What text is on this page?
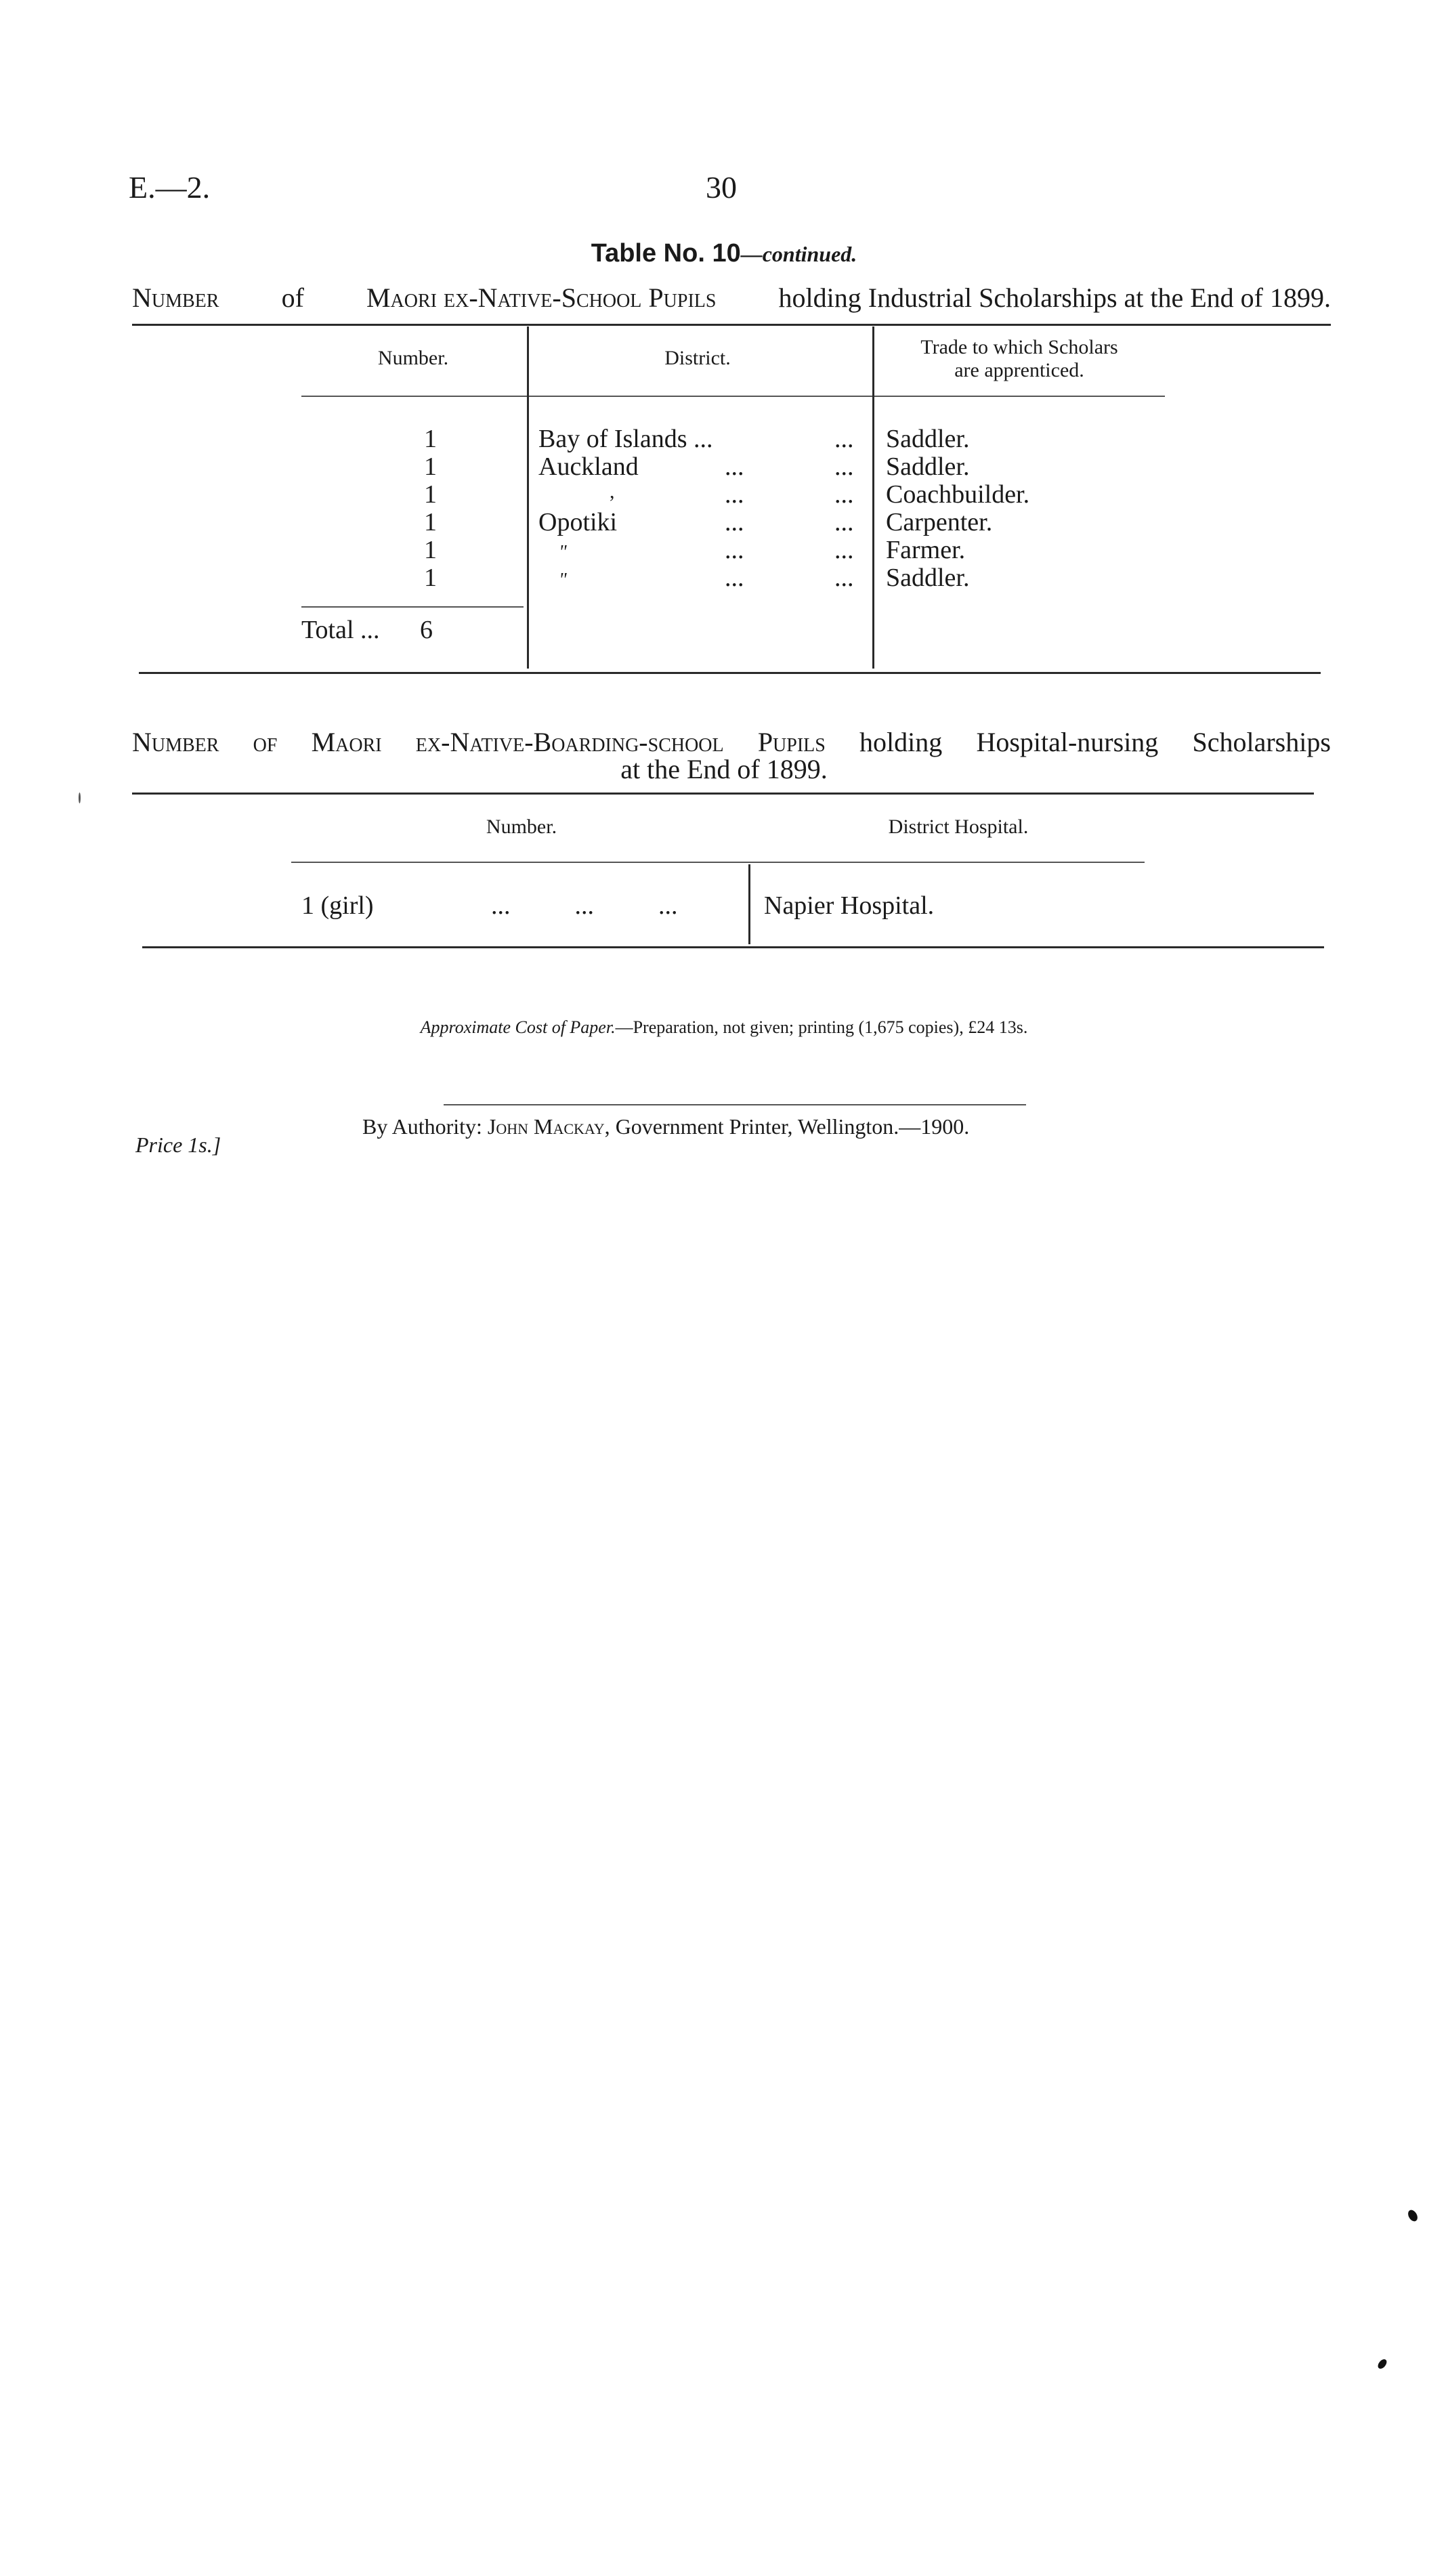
E.—2.	30
Table No. 10—continued.
Number of Maori ex-Native-School Pupils holding Industrial Scholarships at the End of 1899.
Number.	District.	Trade to which Scholars
are apprenticed.
1	Bay of Islands ...	... Saddler.
1	Auckland	...	... Saddler.
1	,	...	... Coachbuilder.
1	Opotiki	...	... Carpenter.
1	"	...	... Farmer.
1	"	...	... Saddler.
Total ... 6
Number of Maori ex-Native-Boarding-school Pupils holding Hospital-nursing Scholarships
at the End of 1899.
Number.	District Hospital.
1 (girl)	...          ...          ...	Napier Hospital.
Approximate Cost of Paper.—Preparation, not given; printing (1,675 copies), £24 13s.
By Authority: John Mackay, Government Printer, Wellington.—1900.
Price 1s.]
